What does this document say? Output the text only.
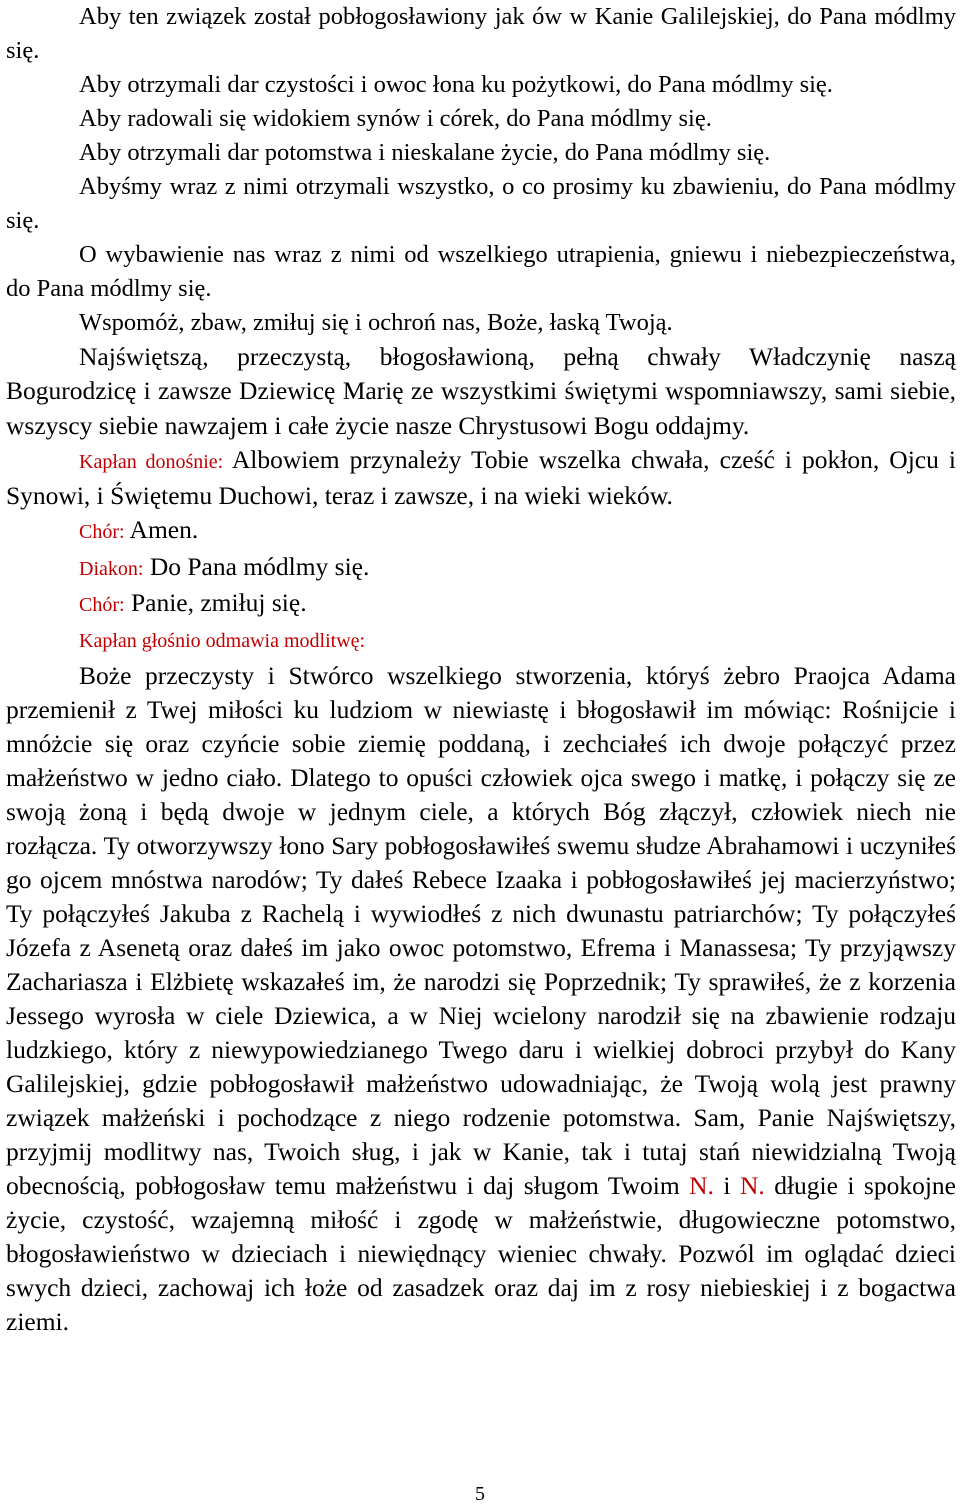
Aby ten związek został pobłogosławiony jak ów w Kanie Galilejskiej, do Pana módlmy się.

Aby otrzymali dar czystości i owoc łona ku pożytkowi, do Pana módlmy się.

Aby radowali się widokiem synów i córek, do Pana módlmy się.

Aby otrzymali dar potomstwa i nieskalane życie, do Pana módlmy się.

Abyśmy wraz z nimi otrzymali wszystko, o co prosimy ku zbawieniu, do Pana módlmy się.

O wybawienie nas wraz z nimi od wszelkiego utrapienia, gniewu i niebezpieczeństwa, do Pana módlmy się.

Wspomóż, zbaw, zmiłuj się i ochroń nas, Boże, łaską Twoją.

Najświętszą, przeczystą, błogosławioną, pełną chwały Władczynię naszą Bogurodzicę i zawsze Dziewicę Marię ze wszystkimi świętymi wspomniawszy, sami siebie, wszyscy siebie nawzajem i całe życie nasze Chrystusowi Bogu oddajmy.

Kapłan donośnie: Albowiem przynależy Tobie wszelka chwała, cześć i pokłon, Ojcu i Synowi, i Świętemu Duchowi, teraz i zawsze, i na wieki wieków.

Chór: Amen.

Diakon: Do Pana módlmy się.

Chór: Panie, zmiłuj się.

Kapłan głośnio odmawia modlitwę:

Boże przeczysty i Stwórco wszelkiego stworzenia, któryś żebro Praojca Adama przemienił z Twej miłości ku ludziom w niewiastę i błogosławił im mówiąc: Rośnijcie i mnóżcie się oraz czyńcie sobie ziemię poddaną, i zechciałeś ich dwoje połączyć przez małżeństwo w jedno ciało. Dlatego to opuści człowiek ojca swego i matkę, i połączy się ze swoją żoną i będą dwoje w jednym ciele, a których Bóg złączył, człowiek niech nie rozłącza. Ty otworzywszy łono Sary pobłogosławiłeś swemu słudze Abrahamowi i uczyniłeś go ojcem mnóstwa narodów; Ty dałeś Rebece Izaaka i pobłogosławiłeś jej macierzyństwo; Ty połączyłeś Jakuba z Rachelą i wywiodłeś z nich dwunastu patriarchów; Ty połączyłeś Józefa z Asenetą oraz dałeś im jako owoc potomstwo, Efrema i Manassesa; Ty przyjąwszy Zachariasza i Elżbietę wskazałeś im, że narodzi się Poprzednik; Ty sprawiłeś, że z korzenia Jessego wyrosła w ciele Dziewica, a w Niej wcielony narodził się na zbawienie rodzaju ludzkiego, który z niewypowiedzianego Twego daru i wielkiej dobroci przybył do Kany Galilejskiej, gdzie pobłogosławił małżeństwo udowadniając, że Twoją wolą jest prawny związek małżeński i pochodzące z niego rodzenie potomstwa. Sam, Panie Najświętszy, przyjmij modlitwy nas, Twoich sług, i jak w Kanie, tak i tutaj stań niewidzialną Twoją obecnością, pobłogosław temu małżeństwu i daj sługom Twoim N. i N. długie i spokojne życie, czystość, wzajemną miłość i zgodę w małżeństwie, długowieczne potomstwo, błogosławieństwo w dzieciach i niewiędnący wieniec chwały. Pozwól im oglądać dzieci swych dzieci, zachowaj ich łoże od zasadzek oraz daj im z rosy niebieskiej i z bogactwa ziemi.

5
